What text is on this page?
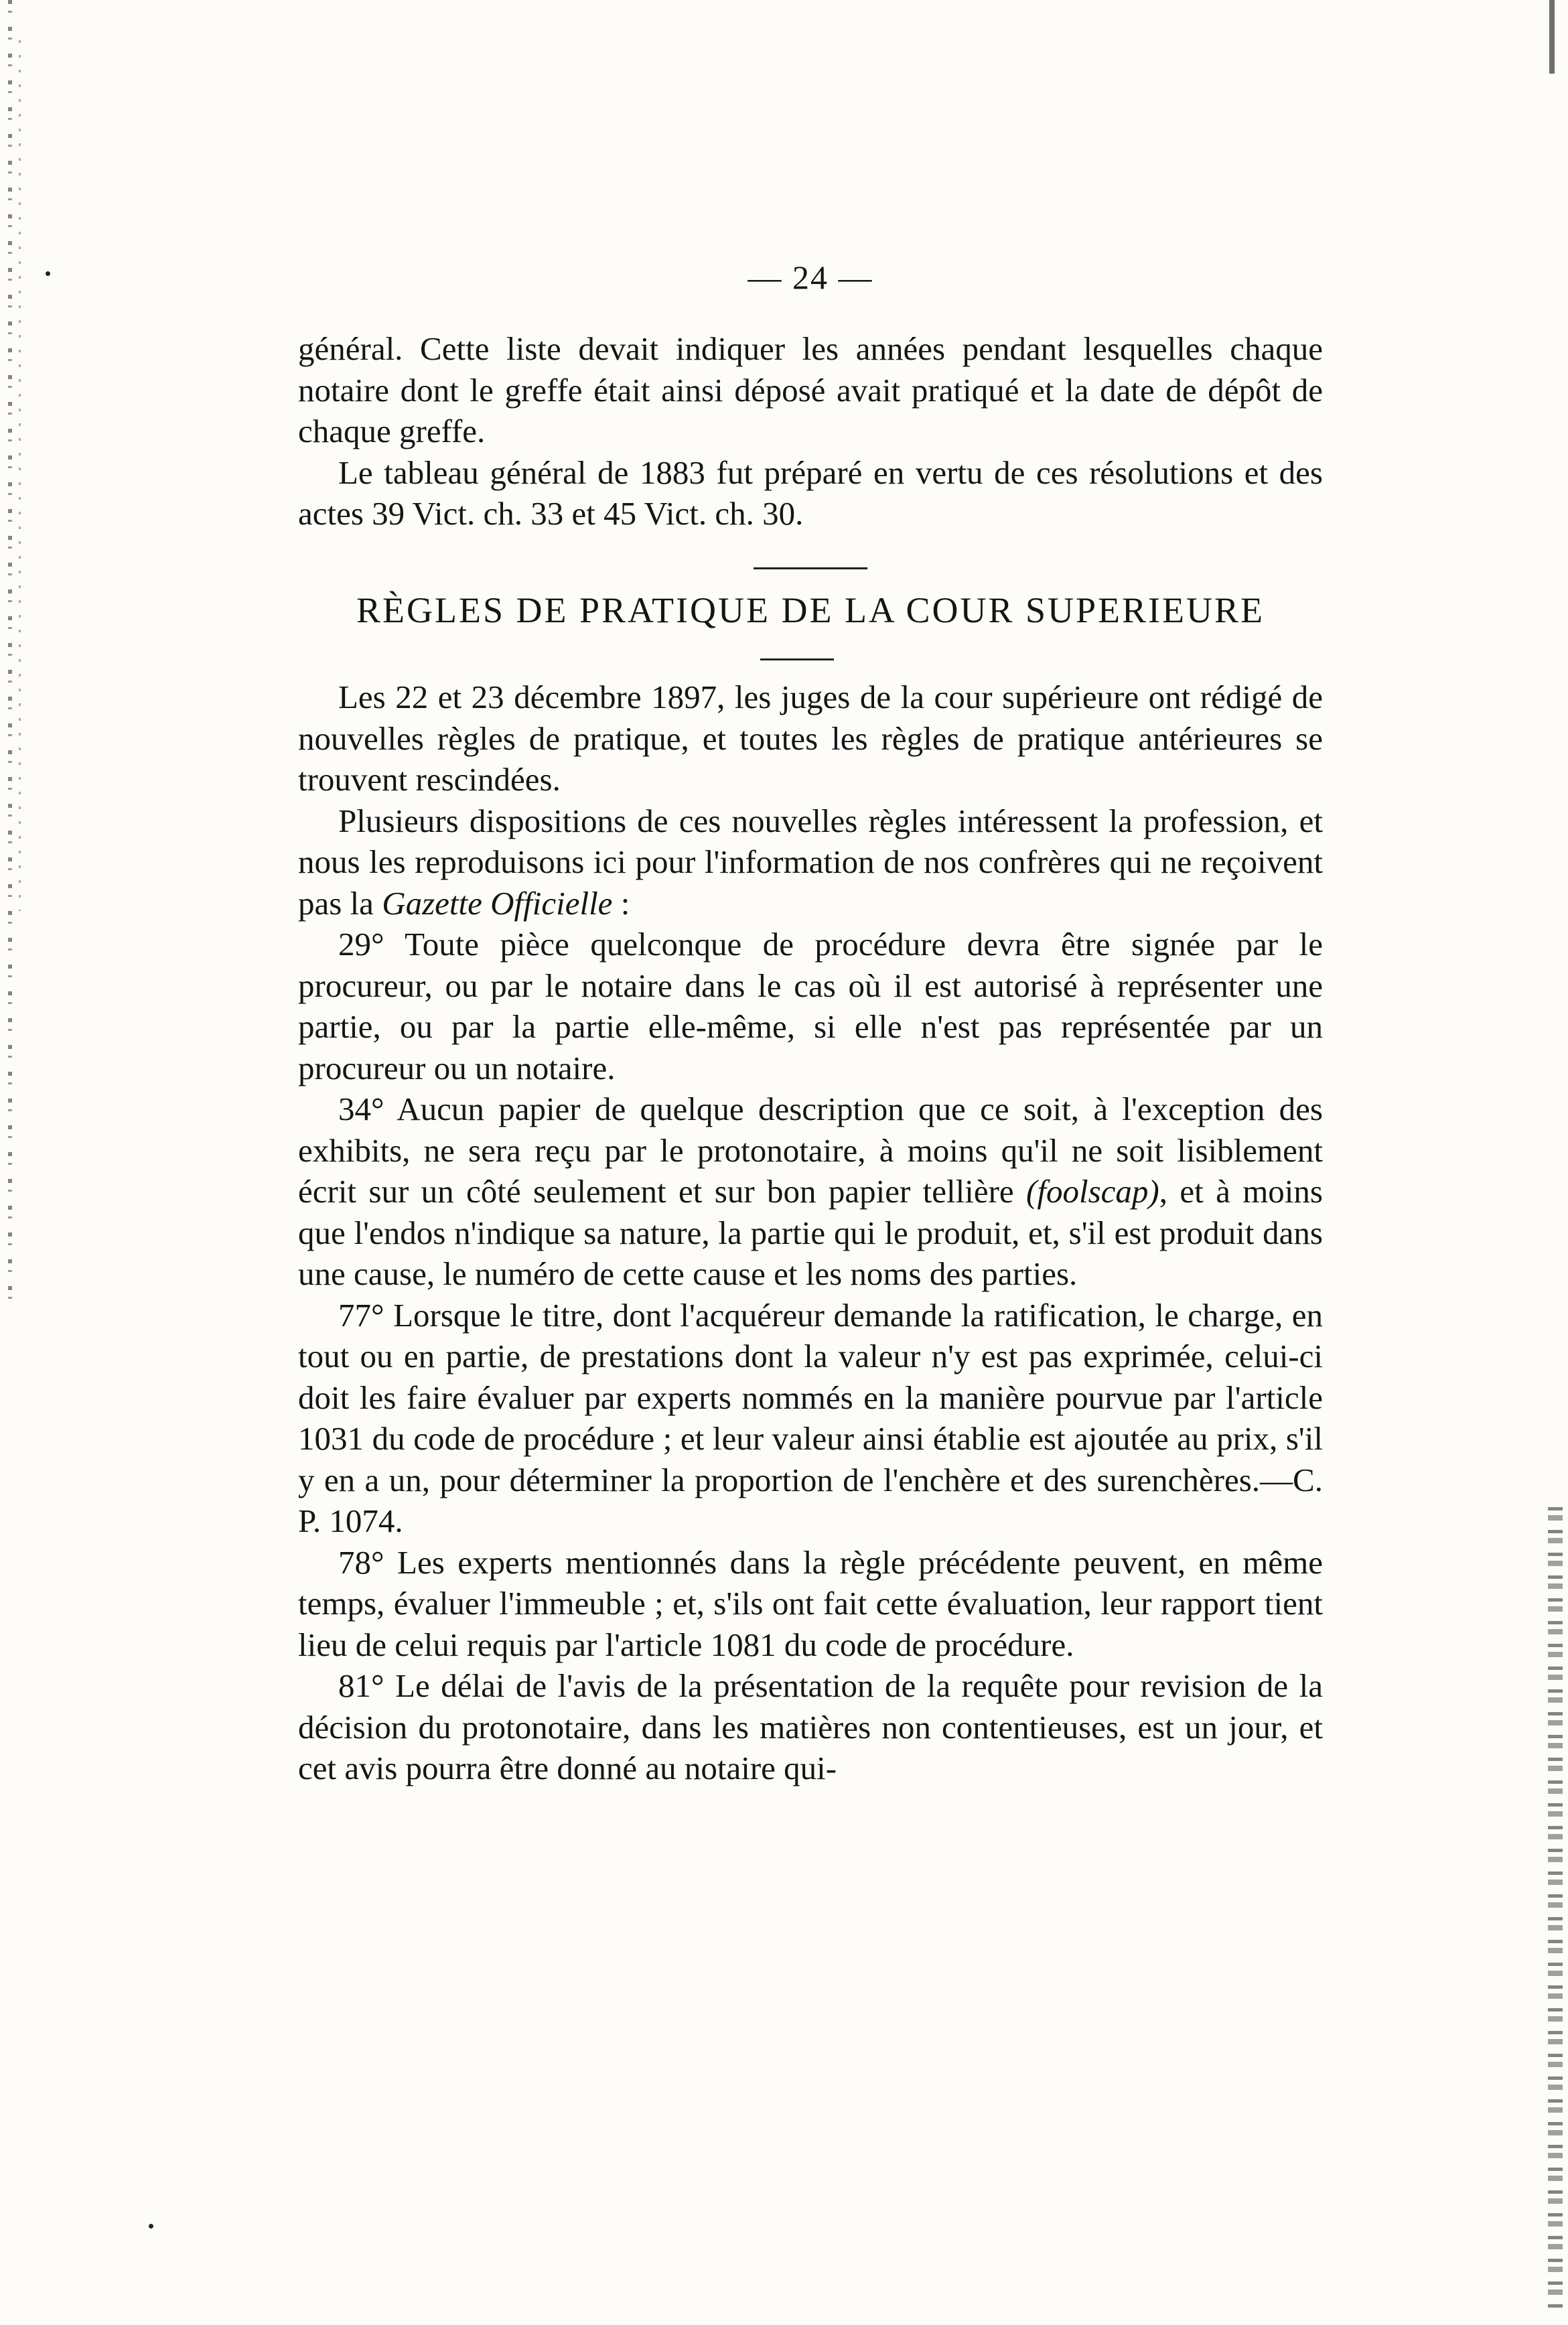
— 24 —

général. Cette liste devait indiquer les années pendant lesquelles chaque notaire dont le greffe était ainsi déposé avait pratiqué et la date de dépôt de chaque greffe.

Le tableau général de 1883 fut préparé en vertu de ces résolutions et des actes 39 Vict. ch. 33 et 45 Vict. ch. 30.

RÈGLES DE PRATIQUE DE LA COUR SUPERIEURE

Les 22 et 23 décembre 1897, les juges de la cour supérieure ont rédigé de nouvelles règles de pratique, et toutes les règles de pratique antérieures se trouvent rescindées.

Plusieurs dispositions de ces nouvelles règles intéressent la profession, et nous les reproduisons ici pour l'information de nos confrères qui ne reçoivent pas la Gazette Officielle :

29° Toute pièce quelconque de procédure devra être signée par le procureur, ou par le notaire dans le cas où il est autorisé à représenter une partie, ou par la partie elle-même, si elle n'est pas représentée par un procureur ou un notaire.

34° Aucun papier de quelque description que ce soit, à l'exception des exhibits, ne sera reçu par le protonotaire, à moins qu'il ne soit lisiblement écrit sur un côté seulement et sur bon papier tellière (foolscap), et à moins que l'endos n'indique sa nature, la partie qui le produit, et, s'il est produit dans une cause, le numéro de cette cause et les noms des parties.

77° Lorsque le titre, dont l'acquéreur demande la ratification, le charge, en tout ou en partie, de prestations dont la valeur n'y est pas exprimée, celui-ci doit les faire évaluer par experts nommés en la manière pourvue par l'article 1031 du code de procédure ; et leur valeur ainsi établie est ajoutée au prix, s'il y en a un, pour déterminer la proportion de l'enchère et des surenchères.—C. P. 1074.

78° Les experts mentionnés dans la règle précédente peuvent, en même temps, évaluer l'immeuble ; et, s'ils ont fait cette évaluation, leur rapport tient lieu de celui requis par l'article 1081 du code de procédure.

81° Le délai de l'avis de la présentation de la requête pour revision de la décision du protonotaire, dans les matières non contentieuses, est un jour, et cet avis pourra être donné au notaire qui-
